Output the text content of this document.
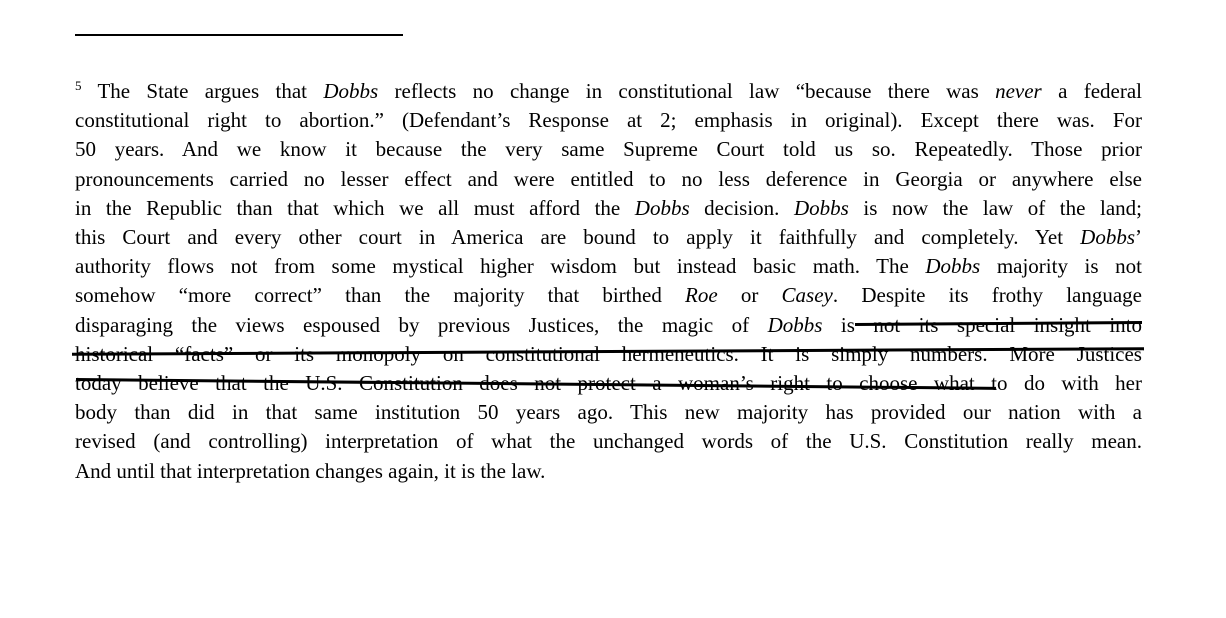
$^5$ The State argues that Dobbs reflects no change in constitutional law “because there was never a federal
constitutional right to abortion.” (Defendant’s Response at 2; emphasis in original). Except there was. For
50 years. And we know it because the very same Supreme Court told us so. Repeatedly. Those prior
pronouncements carried no lesser effect and were entitled to no less deference in Georgia or anywhere else
in the Republic than that which we all must afford the Dobbs decision. Dobbs is now the law of the land;
this Court and every other court in America are bound to apply it faithfully and completely. Yet Dobbs’
authority flows not from some mystical higher wisdom but instead basic math. The Dobbs majority is not
somehow “more correct” than the majority that birthed Roe or Casey. Despite its frothy language
disparaging the views espoused by previous Justices, the magic of Dobbs is not its special insight into
historical “facts” or its monopoly on constitutional hermeneutics. It is simply numbers. More Justices
today believe that the U.S. Constitution does not protect a woman’s right to choose what to do with her
body than did in that same institution 50 years ago. This new majority has provided our nation with a
revised (and controlling) interpretation of what the unchanged words of the U.S. Constitution really mean.
And until that interpretation changes again, it is the law.
